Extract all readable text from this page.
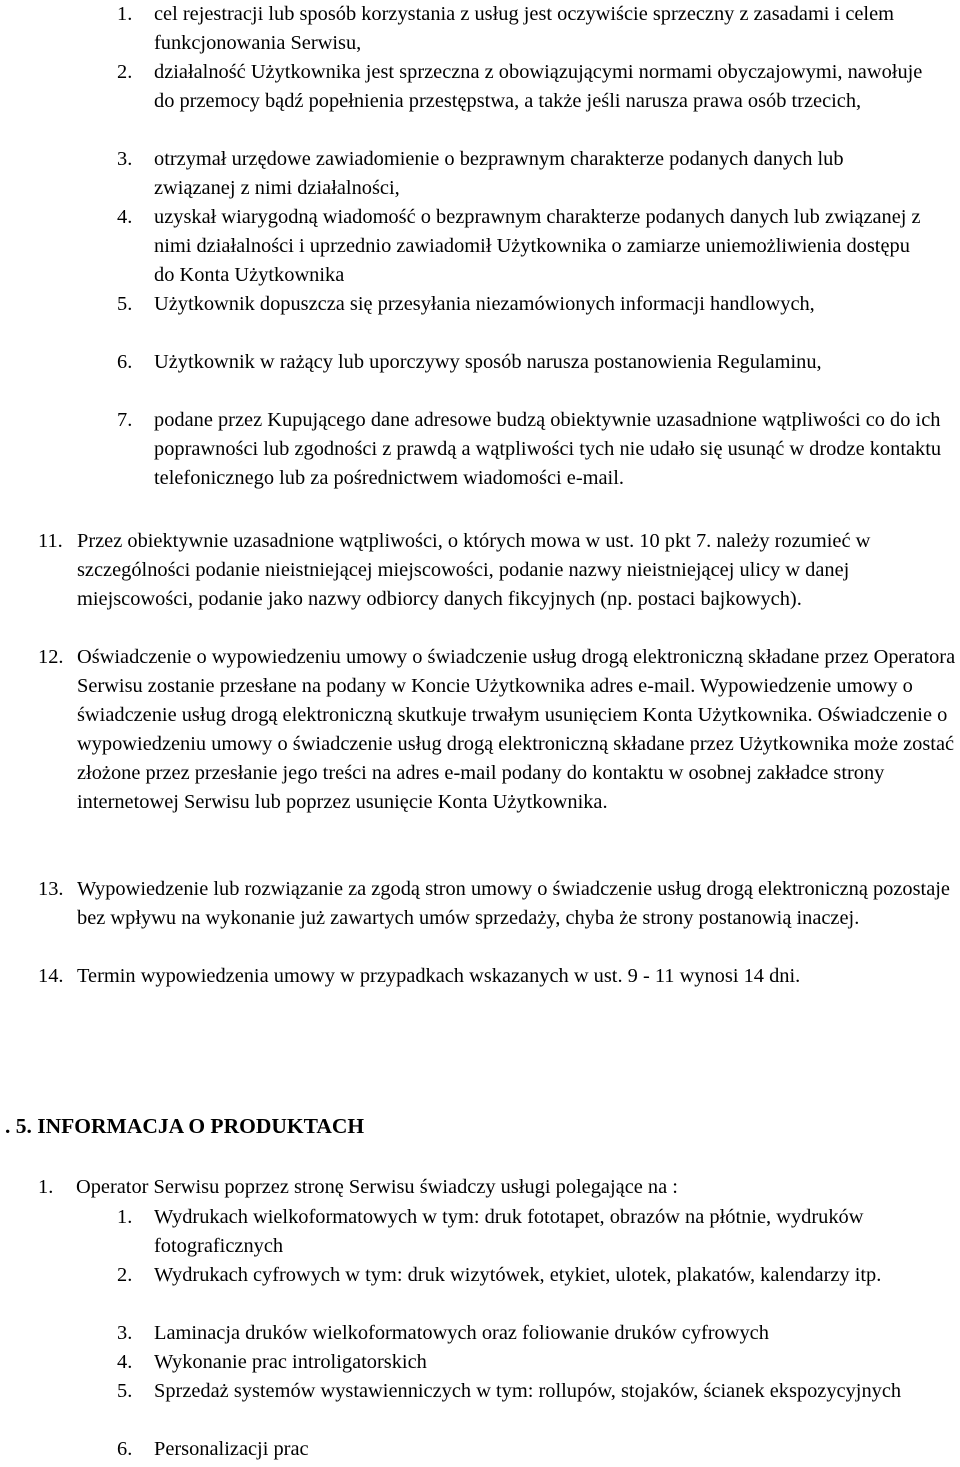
1. cel rejestracji lub sposób korzystania z usług jest oczywiście sprzeczny z zasadami i celem funkcjonowania Serwisu,
2. działalność Użytkownika jest sprzeczna z obowiązującymi normami obyczajowymi, nawołuje do przemocy bądź popełnienia przestępstwa, a także jeśli narusza prawa osób trzecich,
3. otrzymał urzędowe zawiadomienie o bezprawnym charakterze podanych danych lub związanej z nimi działalności,
4. uzyskał wiarygodną wiadomość o bezprawnym charakterze podanych danych lub związanej z nimi działalności i uprzednio zawiadomił Użytkownika o zamiarze uniemożliwienia dostępu do Konta Użytkownika
5. Użytkownik dopuszcza się przesyłania niezamówionych informacji handlowych,
6. Użytkownik w rażący lub uporczywy sposób narusza postanowienia Regulaminu,
7. podane przez Kupującego dane adresowe budzą obiektywnie uzasadnione wątpliwości co do ich poprawności lub zgodności z prawdą a wątpliwości tych nie udało się usunąć w drodze kontaktu telefonicznego lub za pośrednictwem wiadomości e-mail.
11. Przez obiektywnie uzasadnione wątpliwości, o których mowa w ust. 10 pkt 7. należy rozumieć w szczególności podanie nieistniejącej miejscowości, podanie nazwy nieistniejącej ulicy w danej miejscowości, podanie jako nazwy odbiorcy danych fikcyjnych (np. postaci bajkowych).
12. Oświadczenie o wypowiedzeniu umowy o świadczenie usług drogą elektroniczną składane przez Operatora Serwisu zostanie przesłane na podany w Koncie Użytkownika adres e-mail. Wypowiedzenie umowy o świadczenie usług drogą elektroniczną skutkuje trwałym usunięciem Konta Użytkownika. Oświadczenie o wypowiedzeniu umowy o świadczenie usług drogą elektroniczną składane przez Użytkownika może zostać złożone przez przesłanie jego treści na adres e-mail podany do kontaktu w osobnej zakładce strony internetowej Serwisu lub poprzez usunięcie Konta Użytkownika.
13. Wypowiedzenie lub rozwiązanie za zgodą stron umowy o świadczenie usług drogą elektroniczną pozostaje bez wpływu na wykonanie już zawartych umów sprzedaży, chyba że strony postanowią inaczej.
14. Termin wypowiedzenia umowy w przypadkach wskazanych w ust. 9 - 11 wynosi 14 dni.
. 5. INFORMACJA O PRODUKTACH
1. Operator Serwisu poprzez stronę Serwisu świadczy usługi polegające na :
1. Wydrukach wielkoformatowych w tym: druk fototapet, obrazów na płótnie, wydruków fotograficznych
2. Wydrukach cyfrowych w tym: druk wizytówek, etykiet, ulotek, plakatów, kalendarzy itp.
3. Laminacja druków wielkoformatowych oraz foliowanie druków cyfrowych
4. Wykonanie prac introligatorskich
5. Sprzedaż systemów wystawienniczych w tym: rollupów, stojaków, ścianek ekspozycyjnych
6. Personalizacji prac
